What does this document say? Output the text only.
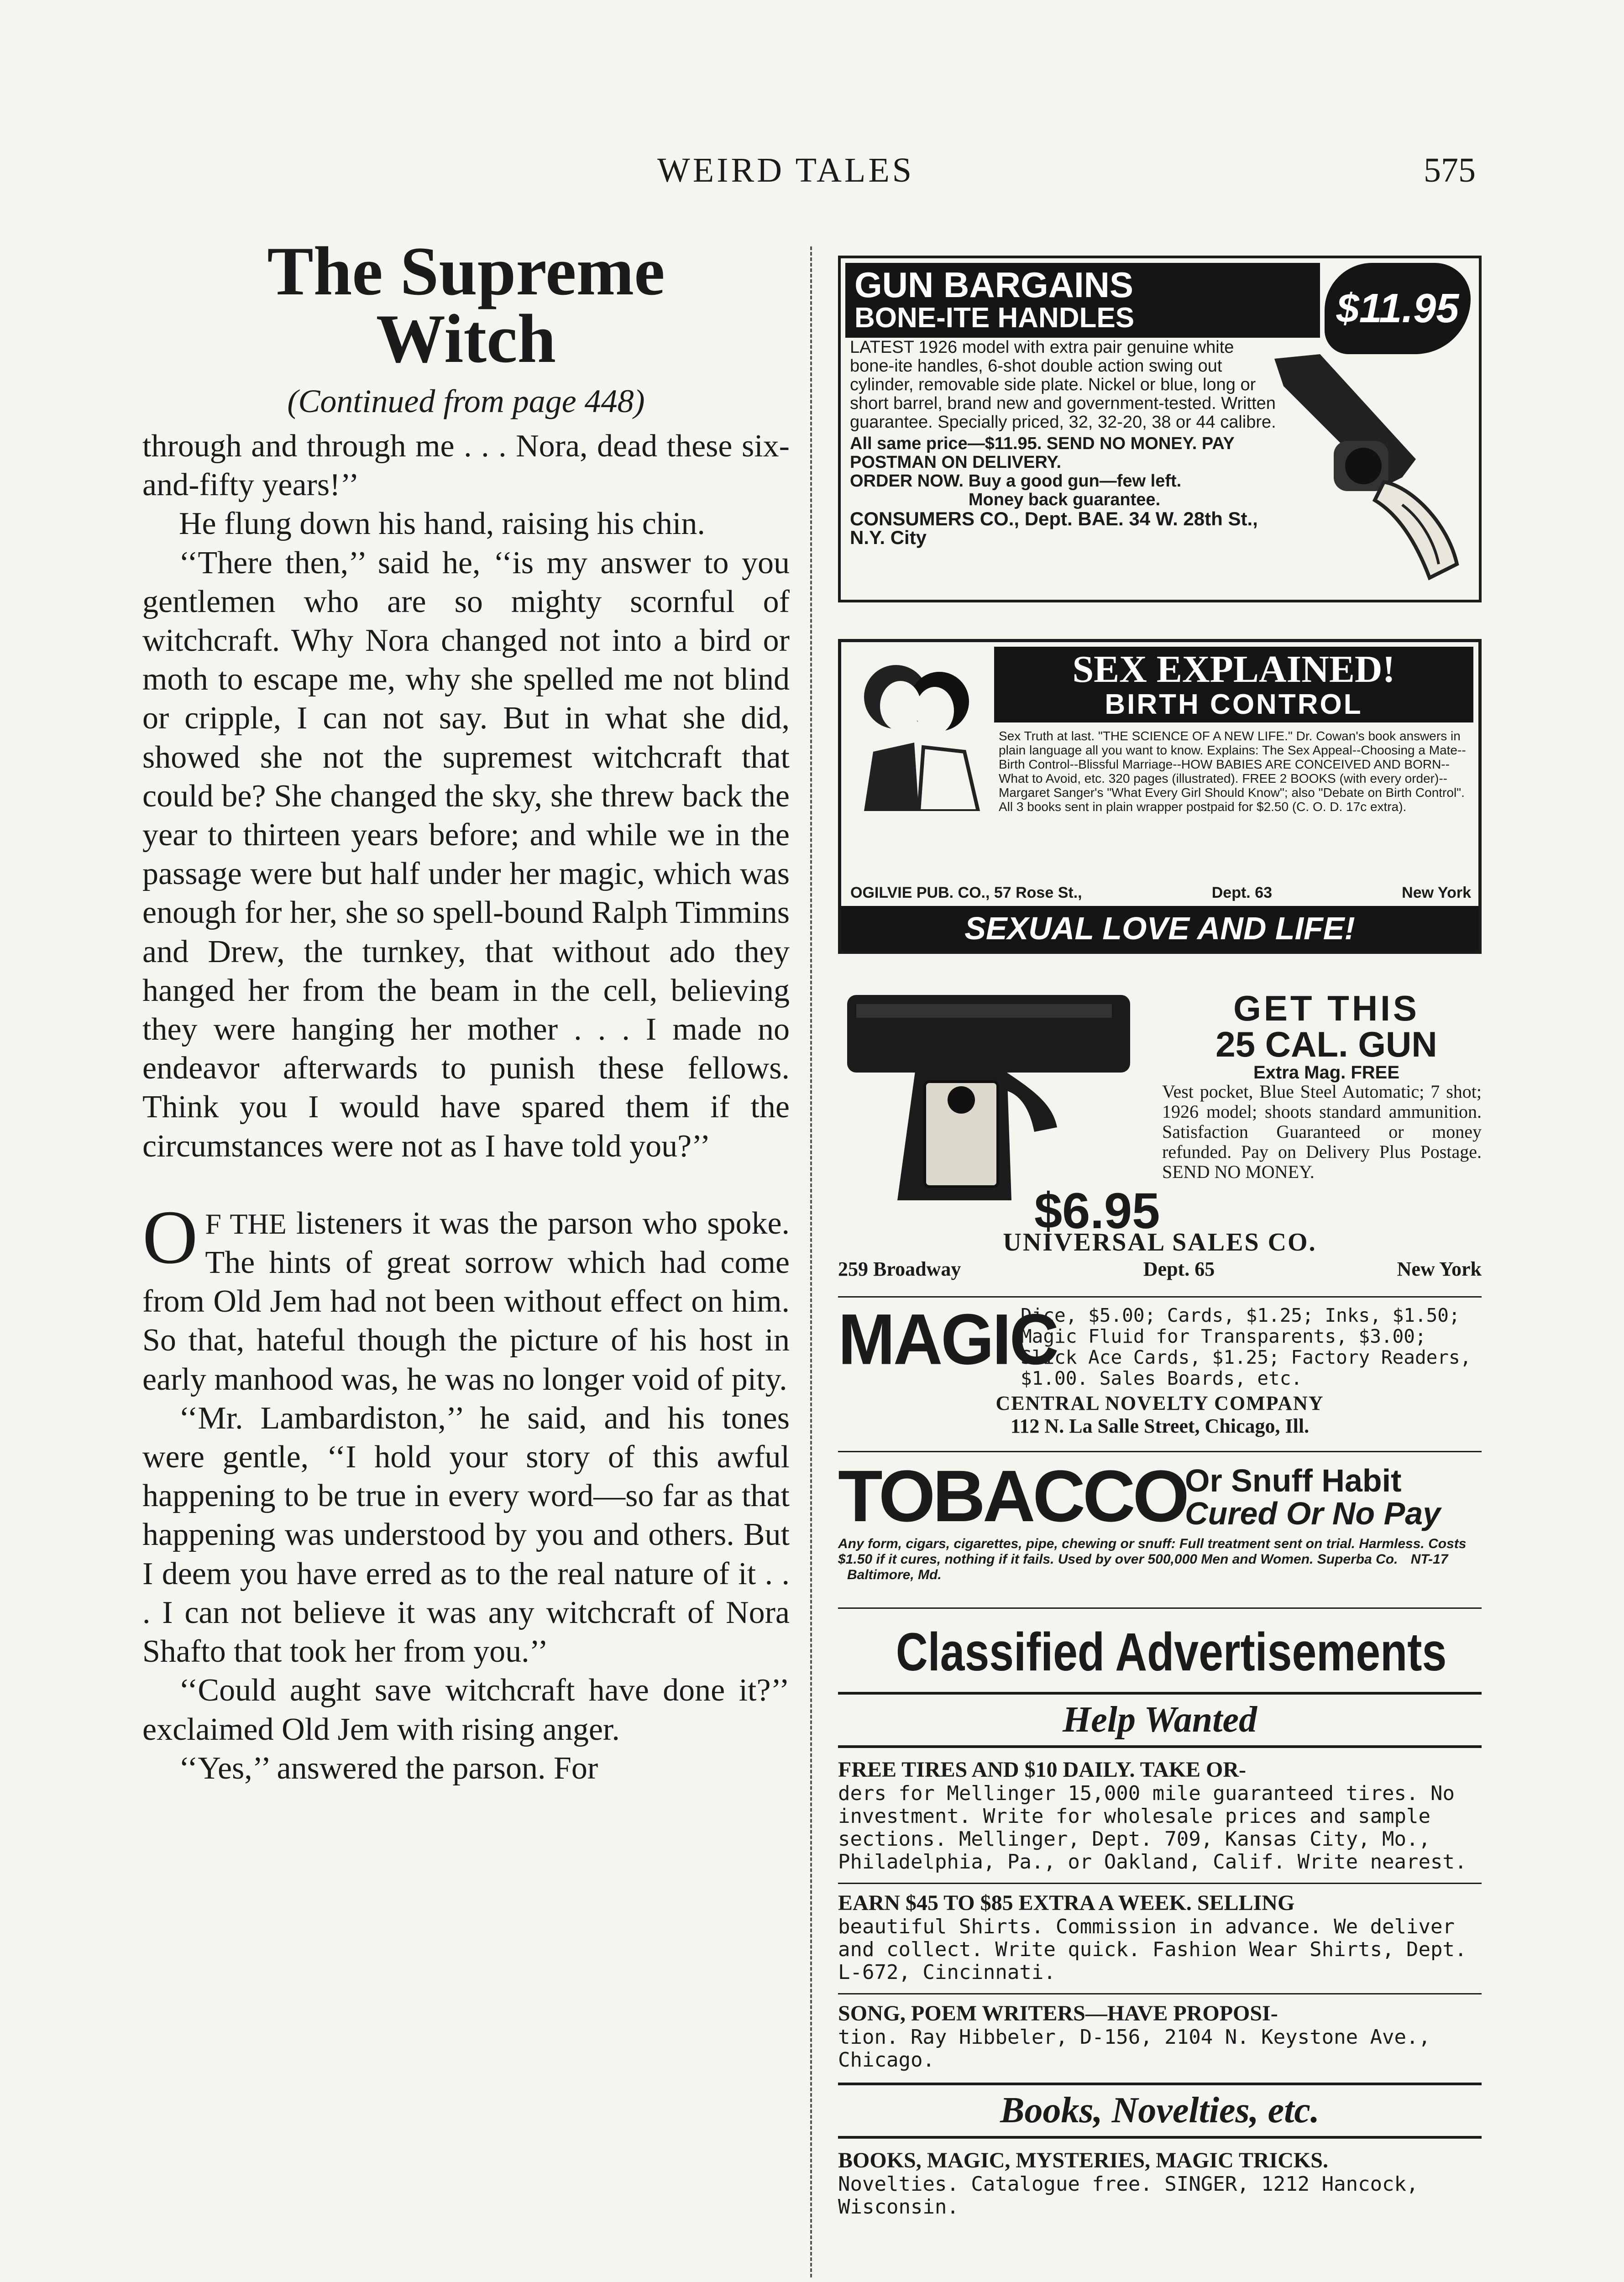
WEIRD TALES	575
The Supreme
Witch
(Continued from page 448)

through and through me . . . Nora, dead these six-and-fifty years!’’

He flung down his hand, raising his chin.

‘‘There then,’’ said he, ‘‘is my answer to you gentlemen who are so mighty scornful of witchcraft. Why Nora changed not into a bird or moth to escape me, why she spelled me not blind or cripple, I can not say. But in what she did, showed she not the supremest witchcraft that could be? She changed the sky, she threw back the year to thirteen years before; and while we in the passage were but half under her magic, which was enough for her, she so spell-bound Ralph Timmins and Drew, the turnkey, that without ado they hanged her from the beam in the cell, believing they were hanging her mother . . . I made no endeavor afterwards to punish these fellows. Think you I would have spared them if the circumstances were not as I have told you?’’

O F THE listeners it was the parson who spoke. The hints of great sorrow which had come from Old Jem had not been without effect on him. So that, hateful though the picture of his host in early manhood was, he was no longer void of pity.

‘‘Mr. Lambardiston,’’ he said, and his tones were gentle, ‘‘I hold your story of this awful happening to be true in every word—so far as that happening was understood by you and others. But I deem you have erred as to the real nature of it . . . I can not believe it was any witchcraft of Nora Shafto that took her from you.’’

‘‘Could aught save witchcraft have done it?’’ exclaimed Old Jem with rising anger.

‘‘Yes,’’ answered the parson. For

GUN BARGAINS
BONE-ITE HANDLES	$11.95
LATEST 1926 model with extra pair genuine white bone-ite handles, 6-shot double action swing out cylinder, removable side plate. Nickel or blue, long or short barrel, brand new and government-tested. Written guarantee. Specially priced, 32, 32-20, 38 or 44 calibre.
All same price—$11.95. SEND NO MONEY. PAY POSTMAN ON DELIVERY.
ORDER NOW. Buy a good gun—few left.
Money back guarantee.
CONSUMERS CO., Dept. BAE. 34 W. 28th St., N.Y. City
SEX EXPLAINED!
BIRTH CONTROL
Sex Truth at last. "THE SCIENCE OF A NEW LIFE." Dr. Cowan's book answers in plain language all you want to know. Explains: The Sex Appeal--Choosing a Mate--Birth Control--Blissful Marriage--HOW BABIES ARE CONCEIVED AND BORN--What to Avoid, etc. 320 pages (illustrated). FREE 2 BOOKS (with every order)--Margaret Sanger's "What Every Girl Should Know"; also "Debate on Birth Control". All 3 books sent in plain wrapper postpaid for $2.50 (C. O. D. 17c extra).
OGILVIE PUB. CO., 57 Rose St.,	Dept. 63	New York
SEXUAL LOVE AND LIFE!
$6.95
GET THIS
25 CAL. GUN
Extra Mag. FREE
Vest pocket, Blue Steel Automatic; 7 shot; 1926 model; shoots standard ammunition. Satisfaction Guaranteed or money refunded. Pay on Delivery Plus Postage. SEND NO MONEY.
UNIVERSAL SALES CO.
259 Broadway	Dept. 65	New York
MAGIC
Dice, $5.00; Cards, $1.25; Inks, $1.50; Magic Fluid for Transparents, $3.00; Slick Ace Cards, $1.25; Factory Readers, $1.00. Sales Boards, etc.
CENTRAL NOVELTY COMPANY
112 N. La Salle Street, Chicago, Ill.
TOBACCO
Or Snuff Habit
Cured Or No Pay
Any form, cigars, cigarettes, pipe, chewing or snuff: Full treatment sent on trial. Harmless. Costs $1.50 if it cures, nothing if it fails. Used by over 500,000 Men and Women. Superba Co. NT-17 Baltimore, Md.
Classified Advertisements
Help Wanted
FREE TIRES AND $10 DAILY. TAKE OR-
ders for Mellinger 15,000 mile guaranteed tires. No investment. Write for wholesale prices and sample sections. Mellinger, Dept. 709, Kansas City, Mo., Philadelphia, Pa., or Oakland, Calif. Write nearest.
EARN $45 TO $85 EXTRA A WEEK. SELLING
beautiful Shirts. Commission in advance. We deliver and collect. Write quick. Fashion Wear Shirts, Dept. L-672, Cincinnati.
SONG, POEM WRITERS—HAVE PROPOSI-
tion. Ray Hibbeler, D-156, 2104 N. Keystone Ave., Chicago.
Books, Novelties, etc.
BOOKS, MAGIC, MYSTERIES, MAGIC TRICKS.
Novelties. Catalogue free. SINGER, 1212 Hancock, Wisconsin.
